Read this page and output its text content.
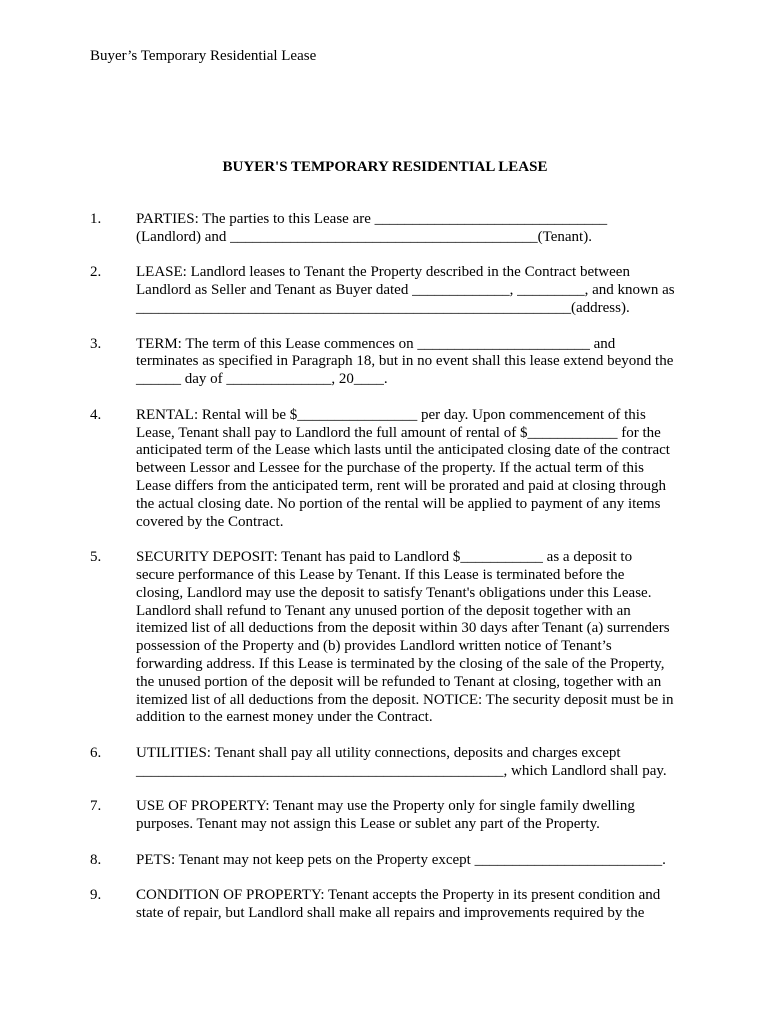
Buyer’s Temporary Residential Lease
BUYER'S TEMPORARY RESIDENTIAL LEASE
1.	PARTIES: The parties to this Lease are _______________________________
(Landlord) and _________________________________________(Tenant).
2.	LEASE: Landlord leases to Tenant the Property described in the Contract between
Landlord as Seller and Tenant as Buyer dated _____________, _________, and known as
__________________________________________________________(address).
3.	TERM: The term of this Lease commences on _______________________ and
terminates as specified in Paragraph 18, but in no event shall this lease extend beyond the
______ day of ______________, 20____.
4.	RENTAL: Rental will be $________________ per day. Upon commencement of this
Lease, Tenant shall pay to Landlord the full amount of rental of $____________ for the
anticipated term of the Lease which lasts until the anticipated closing date of the contract
between Lessor and Lessee for the purchase of the property. If the actual term of this
Lease differs from the anticipated term, rent will be prorated and paid at closing through
the actual closing date. No portion of the rental will be applied to payment of any items
covered by the Contract.
5.	SECURITY DEPOSIT: Tenant has paid to Landlord $___________ as a deposit to
secure performance of this Lease by Tenant. If this Lease is terminated before the
closing, Landlord may use the deposit to satisfy Tenant's obligations under this Lease.
Landlord shall refund to Tenant any unused portion of the deposit together with an
itemized list of all deductions from the deposit within 30 days after Tenant (a) surrenders
possession of the Property and (b) provides Landlord written notice of Tenant’s
forwarding address. If this Lease is terminated by the closing of the sale of the Property,
the unused portion of the deposit will be refunded to Tenant at closing, together with an
itemized list of all deductions from the deposit. NOTICE: The security deposit must be in
addition to the earnest money under the Contract.
6.	UTILITIES: Tenant shall pay all utility connections, deposits and charges except
_________________________________________________, which Landlord shall pay.
7.	USE OF PROPERTY: Tenant may use the Property only for single family dwelling
purposes. Tenant may not assign this Lease or sublet any part of the Property.
8.	PETS: Tenant may not keep pets on the Property except _________________________.
9.	CONDITION OF PROPERTY: Tenant accepts the Property in its present condition and
state of repair, but Landlord shall make all repairs and improvements required by the
